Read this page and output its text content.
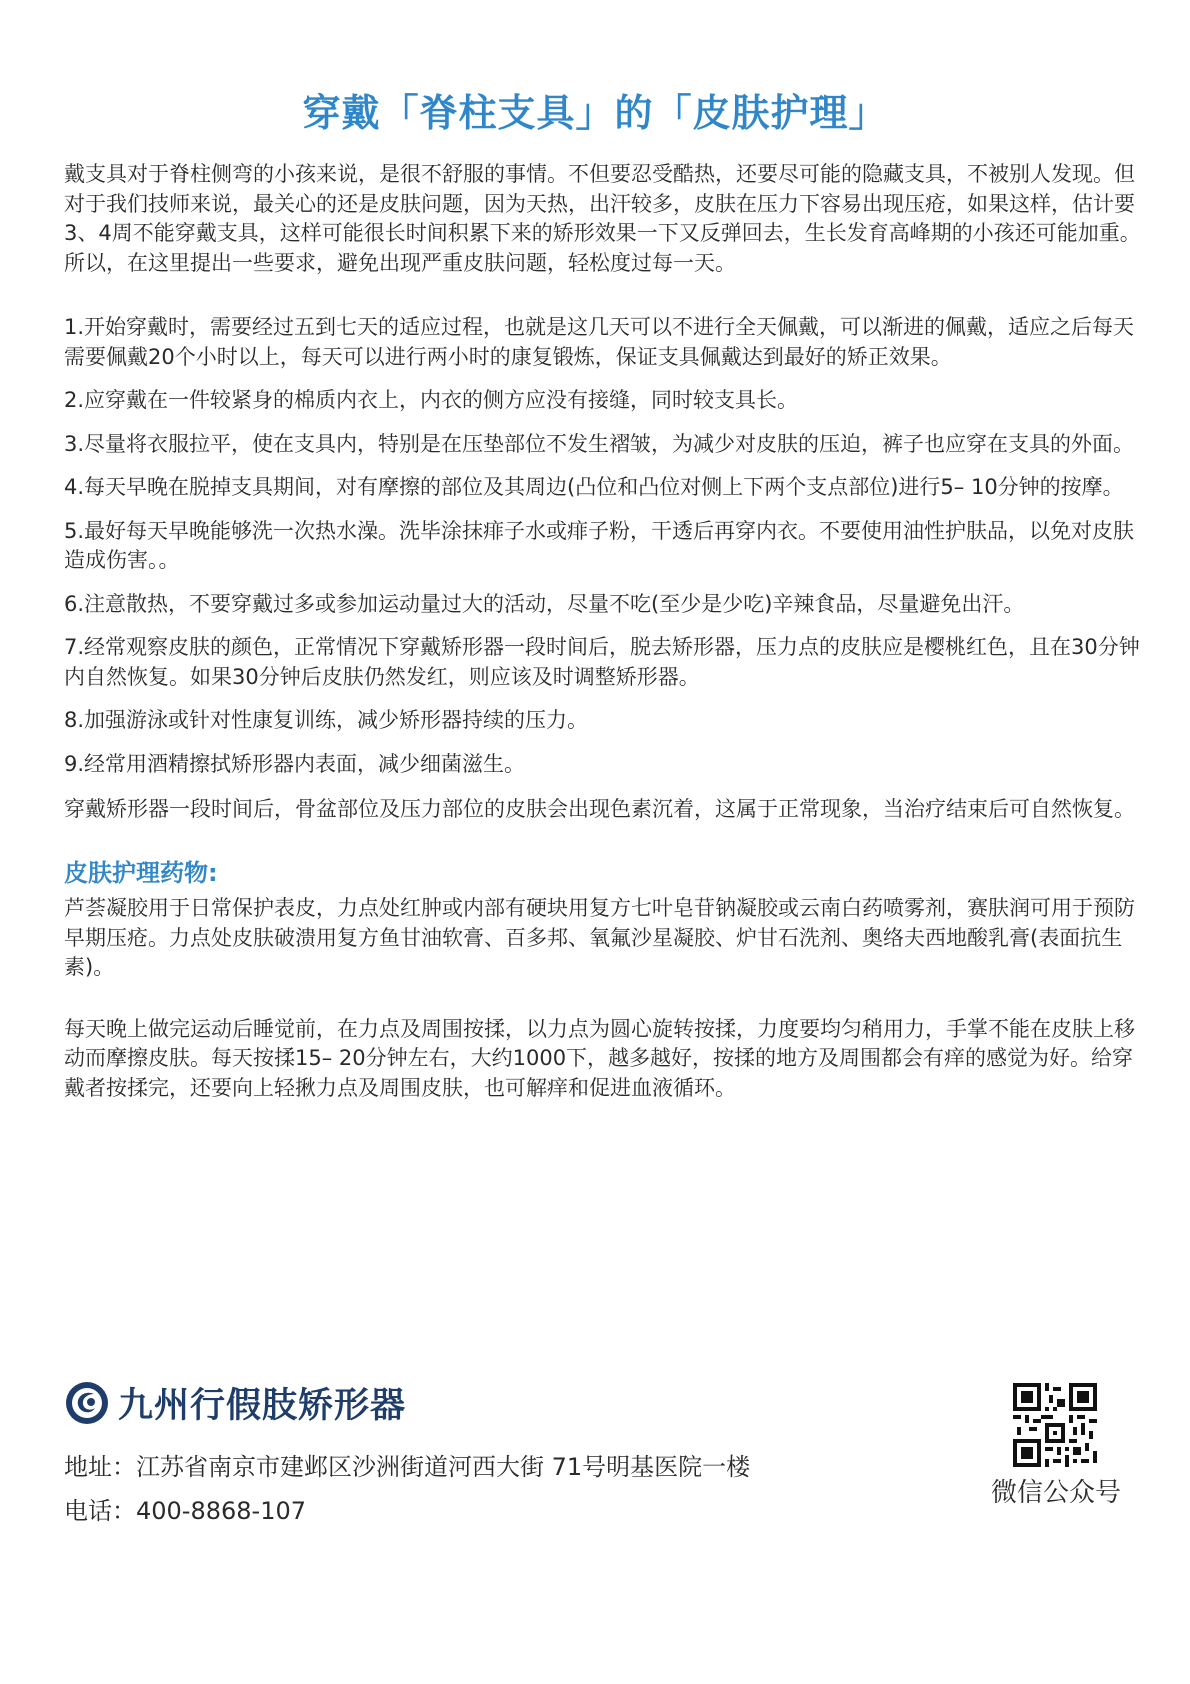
穿戴「脊柱支具」的「皮肤护理」

戴支具对于脊柱侧弯的小孩来说，是很不舒服的事情。不但要忍受酷热，还要尽可能的隐藏支具，不被别人发现。但对于我们技师来说，最关心的还是皮肤问题，因为天热，出汗较多，皮肤在压力下容易出现压疮，如果这样，估计要3、4周不能穿戴支具，这样可能很长时间积累下来的矫形效果一下又反弹回去，生长发育高峰期的小孩还可能加重。所以，在这里提出一些要求，避免出现严重皮肤问题，轻松度过每一天。

1.开始穿戴时，需要经过五到七天的适应过程，也就是这几天可以不进行全天佩戴，可以渐进的佩戴，适应之后每天需要佩戴20个小时以上，每天可以进行两小时的康复锻炼，保证支具佩戴达到最好的矫正效果。

2.应穿戴在一件较紧身的棉质内衣上，内衣的侧方应没有接缝，同时较支具长。

3.尽量将衣服拉平，使在支具内，特别是在压垫部位不发生褶皱，为减少对皮肤的压迫，裤子也应穿在支具的外面。

4.每天早晚在脱掉支具期间，对有摩擦的部位及其周边(凸位和凸位对侧上下两个支点部位)进行5– 10分钟的按摩。

5.最好每天早晚能够洗一次热水澡。洗毕涂抹痱子水或痱子粉，干透后再穿内衣。不要使用油性护肤品，以免对皮肤造成伤害。。

6.注意散热，不要穿戴过多或参加运动量过大的活动，尽量不吃(至少是少吃)辛辣食品，尽量避免出汗。

7.经常观察皮肤的颜色，正常情况下穿戴矫形器一段时间后，脱去矫形器，压力点的皮肤应是樱桃红色，且在30分钟内自然恢复。如果30分钟后皮肤仍然发红，则应该及时调整矫形器。

8.加强游泳或针对性康复训练，减少矫形器持续的压力。

9.经常用酒精擦拭矫形器内表面，减少细菌滋生。

穿戴矫形器一段时间后，骨盆部位及压力部位的皮肤会出现色素沉着，这属于正常现象，当治疗结束后可自然恢复。

皮肤护理药物:

芦荟凝胶用于日常保护表皮，力点处红肿或内部有硬块用复方七叶皂苷钠凝胶或云南白药喷雾剂，赛肤润可用于预防早期压疮。力点处皮肤破溃用复方鱼甘油软膏、百多邦、氧氟沙星凝胶、炉甘石洗剂、奥络夫西地酸乳膏(表面抗生素)。

每天晚上做完运动后睡觉前，在力点及周围按揉，以力点为圆心旋转按揉，力度要均匀稍用力，手掌不能在皮肤上移动而摩擦皮肤。每天按揉15– 20分钟左右，大约1000下，越多越好，按揉的地方及周围都会有痒的感觉为好。给穿戴者按揉完，还要向上轻揪力点及周围皮肤，也可解痒和促进血液循环。

九州行假肢矫形器
地址： 江苏省南京市建邺区沙洲街道河西大街 71号明基医院一楼
电话： 400-8868-107
微信公众号
